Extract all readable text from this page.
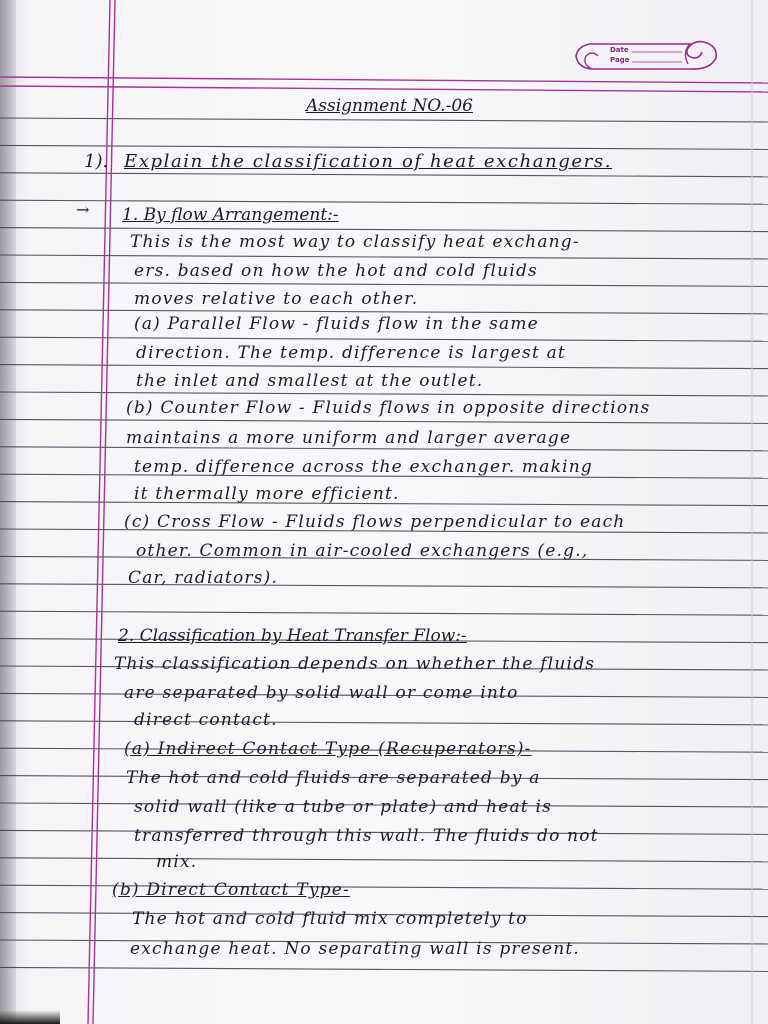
Date
Page

Assignment NO.-06

1). Explain the classification of heat exchangers.

→ 1. By flow Arrangement:-

This is the most way to classify heat exchang-

ers. based on how the hot and cold fluids

moves relative to each other.

(a) Parallel Flow - fluids flow in the same

direction. The temp. difference is largest at

the inlet and smallest at the outlet.

(b) Counter Flow - Fluids flows in opposite directions

maintains a more uniform and larger average

temp. difference across the exchanger. making

it thermally more efficient.

(c) Cross Flow - Fluids flows perpendicular to each

other. Common in air-cooled exchangers (e.g.,

Car, radiators).

2. Classification by Heat Transfer Flow:-

This classification depends on whether the fluids

are separated by solid wall or come into

direct contact.

(a) Indirect Contact Type (Recuperators)-

The hot and cold fluids are separated by a

solid wall (like a tube or plate) and heat is

transferred through this wall. The fluids do not

mix.

(b) Direct Contact Type-

The hot and cold fluid mix completely to

exchange heat. No separating wall is present.
